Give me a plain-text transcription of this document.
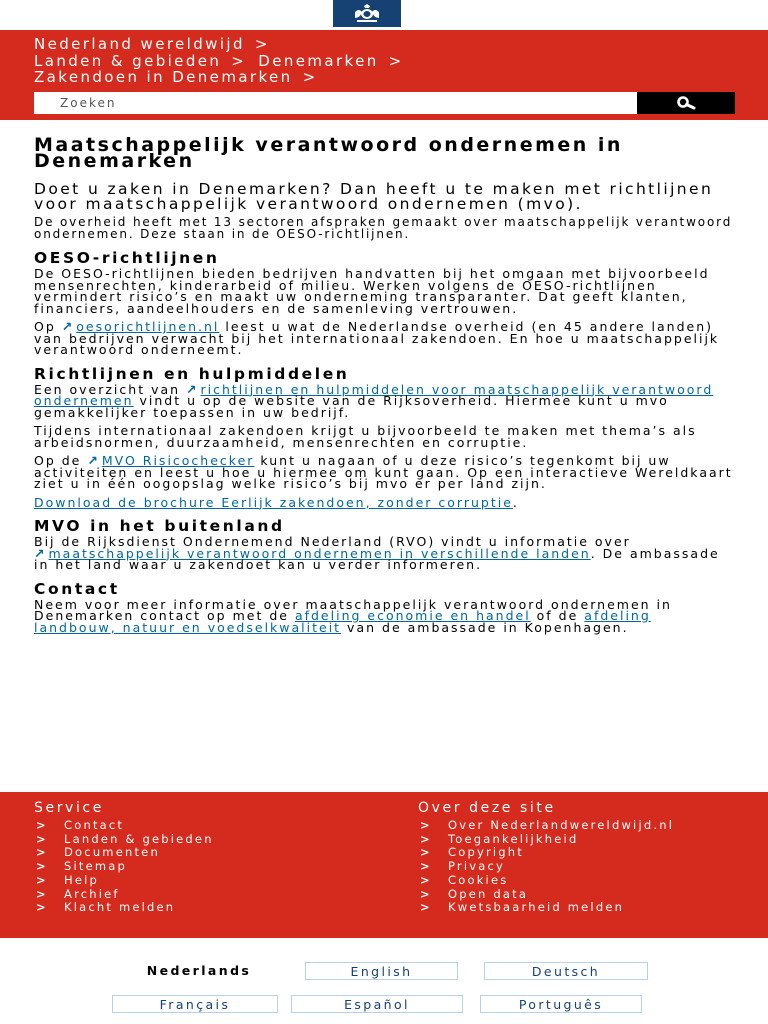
Nederland wereldwijd >
Landen & gebieden > Denemarken >
Zakendoen in Denemarken >
Zoeken
Maatschappelijk verantwoord ondernemen in Denemarken

Doet u zaken in Denemarken? Dan heeft u te maken met richtlijnen voor maatschappelijk verantwoord ondernemen (mvo).

De overheid heeft met 13 sectoren afspraken gemaakt over maatschappelijk verantwoord ondernemen. Deze staan in de OESO-richtlijnen.

OESO-richtlijnen

De OESO-richtlijnen bieden bedrijven handvatten bij het omgaan met bijvoorbeeld mensenrechten, kinderarbeid of milieu. Werken volgens de OESO-richtlijnen vermindert risico’s en maakt uw onderneming transparanter. Dat geeft klanten, financiers, aandeelhouders en de samenleving vertrouwen.

Op ↗ oesorichtlijnen.nl leest u wat de Nederlandse overheid (en 45 andere landen) van bedrijven verwacht bij het internationaal zakendoen. En hoe u maatschappelijk verantwoord onderneemt.

Richtlijnen en hulpmiddelen

Een overzicht van ↗ richtlijnen en hulpmiddelen voor maatschappelijk verantwoord ondernemen vindt u op de website van de Rijksoverheid. Hiermee kunt u mvo gemakkelijker toepassen in uw bedrijf.

Tijdens internationaal zakendoen krijgt u bijvoorbeeld te maken met thema’s als arbeidsnormen, duurzaamheid, mensenrechten en corruptie.

Op de ↗ MVO Risicochecker kunt u nagaan of u deze risico’s tegenkomt bij uw activiteiten en leest u hoe u hiermee om kunt gaan. Op een interactieve Wereldkaart ziet u in één oogopslag welke risico’s bij mvo er per land zijn.

Download de brochure Eerlijk zakendoen, zonder corruptie.

MVO in het buitenland

Bij de Rijksdienst Ondernemend Nederland (RVO) vindt u informatie over ↗ maatschappelijk verantwoord ondernemen in verschillende landen. De ambassade in het land waar u zakendoet kan u verder informeren.

Contact

Neem voor meer informatie over maatschappelijk verantwoord ondernemen in Denemarken contact op met de afdeling economie en handel of de afdeling landbouw, natuur en voedselkwaliteit van de ambassade in Kopenhagen.

Service
> Contact
> Landen & gebieden
> Documenten
> Sitemap
> Help
> Archief
> Klacht melden
Over deze site
> Over Nederlandwereldwijd.nl
> Toegankelijkheid
> Copyright
> Privacy
> Cookies
> Open data
> Kwetsbaarheid melden
Nederlands	English	Deutsch
Français	Español	Português
